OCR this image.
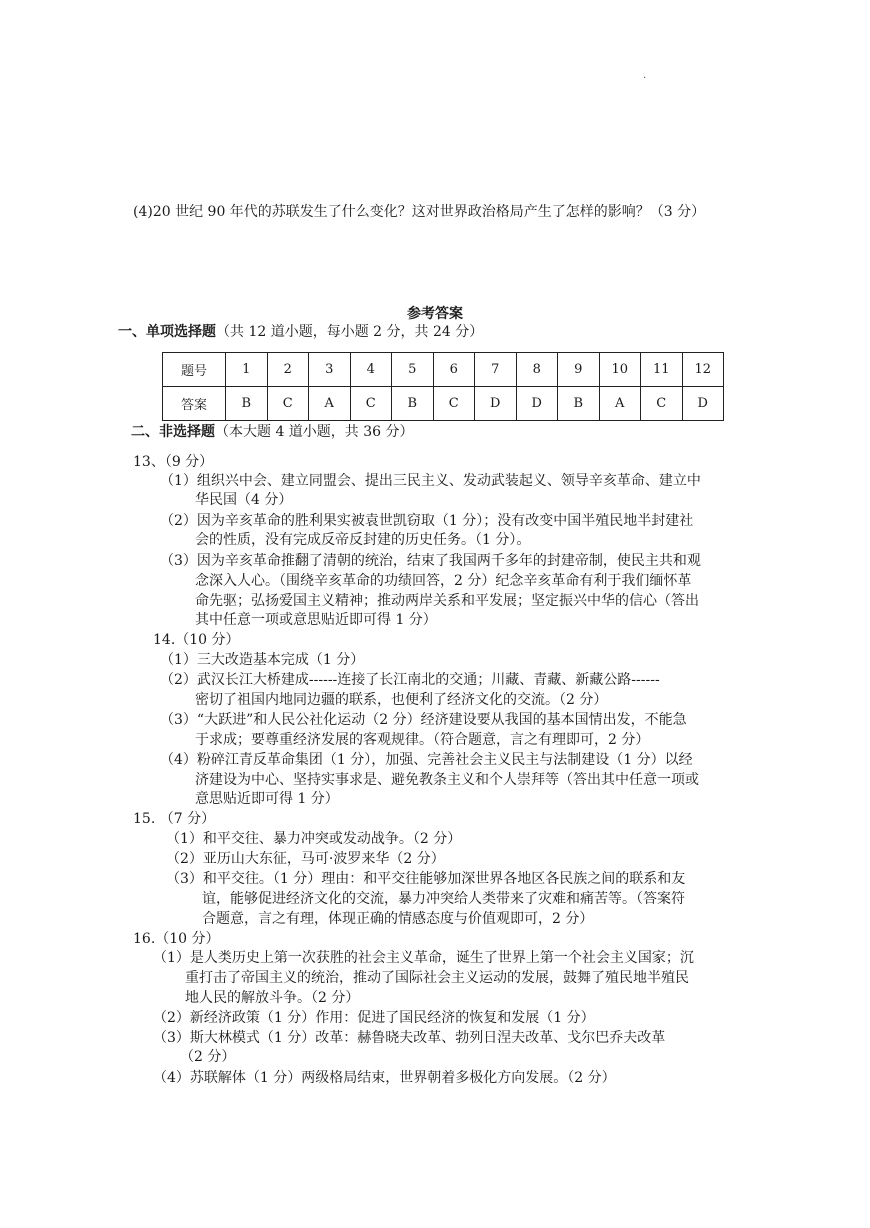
.
(4)20 世纪 90 年代的苏联发生了什么变化？这对世界政治格局产生了怎样的影响？（3 分）
参考答案
一、单项选择题（共 12 道小题，每小题 2 分，共 24 分）
题号	1	2	3	4	5	6	7	8	9	10	11	12
答案	B	C	A	C	B	C	D	D	B	A	C	D
二、非选择题（本大题 4 道小题，共 36 分）
13、（9 分）
（1）组织兴中会、建立同盟会、提出三民主义、发动武装起义、领导辛亥革命、建立中
华民国（4 分）
（2）因为辛亥革命的胜利果实被袁世凯窃取（1 分）；没有改变中国半殖民地半封建社
会的性质，没有完成反帝反封建的历史任务。（1 分）。
（3）因为辛亥革命推翻了清朝的统治，结束了我国两千多年的封建帝制，使民主共和观
念深入人心。（围绕辛亥革命的功绩回答，2 分）纪念辛亥革命有利于我们缅怀革
命先驱；弘扬爱国主义精神；推动两岸关系和平发展；坚定振兴中华的信心（答出
其中任意一项或意思贴近即可得 1 分）
14.（10 分）
（1）三大改造基本完成（1 分）
（2）武汉长江大桥建成------连接了长江南北的交通；川藏、青藏、新藏公路------
密切了祖国内地同边疆的联系，也便利了经济文化的交流。（2 分）
（3）“大跃进”和人民公社化运动（2 分）经济建设要从我国的基本国情出发，不能急
于求成；要尊重经济发展的客观规律。（符合题意，言之有理即可，2 分）
（4）粉碎江青反革命集团（1 分），加强、完善社会主义民主与法制建设（1 分）以经
济建设为中心、坚持实事求是、避免教条主义和个人崇拜等（答出其中任意一项或
意思贴近即可得 1 分）
15. （7 分）
（1）和平交往、暴力冲突或发动战争。（2 分）
（2）亚历山大东征，马可·波罗来华（2 分）
（3）和平交往。（1 分）理由：和平交往能够加深世界各地区各民族之间的联系和友
谊，能够促进经济文化的交流，暴力冲突给人类带来了灾难和痛苦等。（答案符
合题意，言之有理，体现正确的情感态度与价值观即可，2 分）
16.（10 分）
（1）是人类历史上第一次获胜的社会主义革命，诞生了世界上第一个社会主义国家；沉
重打击了帝国主义的统治，推动了国际社会主义运动的发展，鼓舞了殖民地半殖民
地人民的解放斗争。（2 分）
（2）新经济政策（1 分）作用：促进了国民经济的恢复和发展（1 分）
（3）斯大林模式（1 分）改革：赫鲁晓夫改革、勃列日涅夫改革、戈尔巴乔夫改革
（2 分）
（4）苏联解体（1 分）两级格局结束，世界朝着多极化方向发展。（2 分）
